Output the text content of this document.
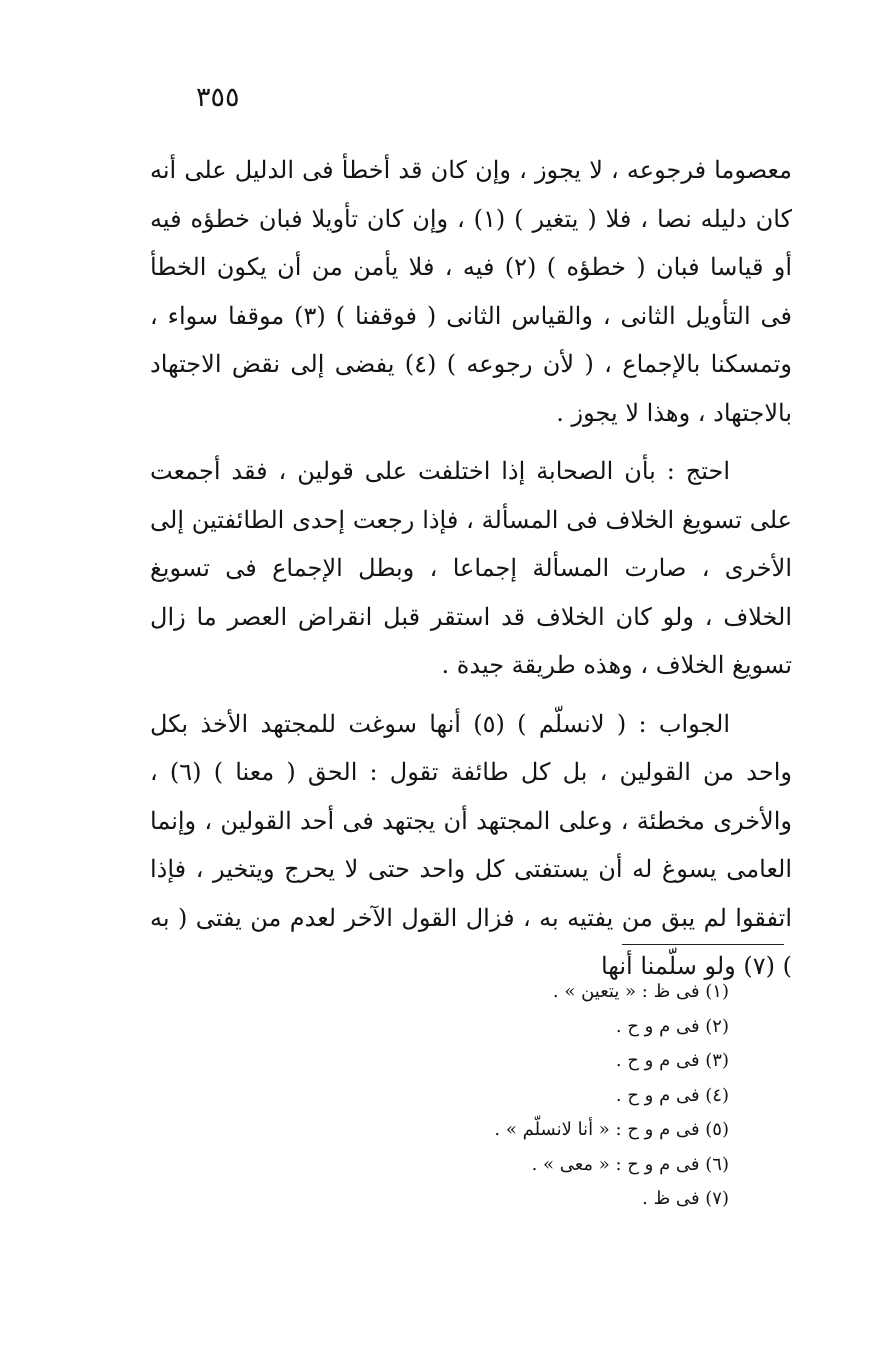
٣٥٥

معصوما فرجوعه ، لا يجوز ، وإن كان قد أخطأ فى الدليل على أنه كان دليله نصا ، فلا ( يتغير ) (١) ، وإن كان تأويلا فبان خطؤه فيه أو قياسا فبان ( خطؤه ) (٢) فيه ، فلا يأمن من أن يكون الخطأ فى التأويل الثانى ، والقياس الثانى ( فوقفنا ) (٣) موقفا سواء ، وتمسكنا بالإجماع ، ( لأن رجوعه ) (٤) يفضى إلى نقض الاجتهاد بالاجتهاد ، وهذا لا يجوز .

احتج : بأن الصحابة إذا اختلفت على قولين ، فقد أجمعت على تسويغ الخلاف فى المسألة ، فإذا رجعت إحدى الطائفتين إلى الأخرى ، صارت المسألة إجماعا ، وبطل الإجماع فى تسويغ الخلاف ، ولو كان الخلاف قد استقر قبل انقراض العصر ما زال تسويغ الخلاف ، وهذه طريقة جيدة .

الجواب : ( لانسلّم ) (٥) أنها سوغت للمجتهد الأخذ بكل واحد من القولين ، بل كل طائفة تقول : الحق ( معنا ) (٦) ، والأخرى مخطئة ، وعلى المجتهد أن يجتهد فى أحد القولين ، وإنما العامى يسوغ له أن يستفتى كل واحد حتى لا يحرج ويتخير ، فإذا اتفقوا لم يبق من يفتيه به ، فزال القول الآخر لعدم من يفتى ( به ) (٧) ولو سلّمنا أنها

(١) فى ظ : « يتعين » .
(٢) فى م و ح .
(٣) فى م و ح .
(٤) فى م و ح .
(٥) فى م و ح : « أنا لانسلّم » .
(٦) فى م و ح : « معى » .
(٧) فى ظ .
